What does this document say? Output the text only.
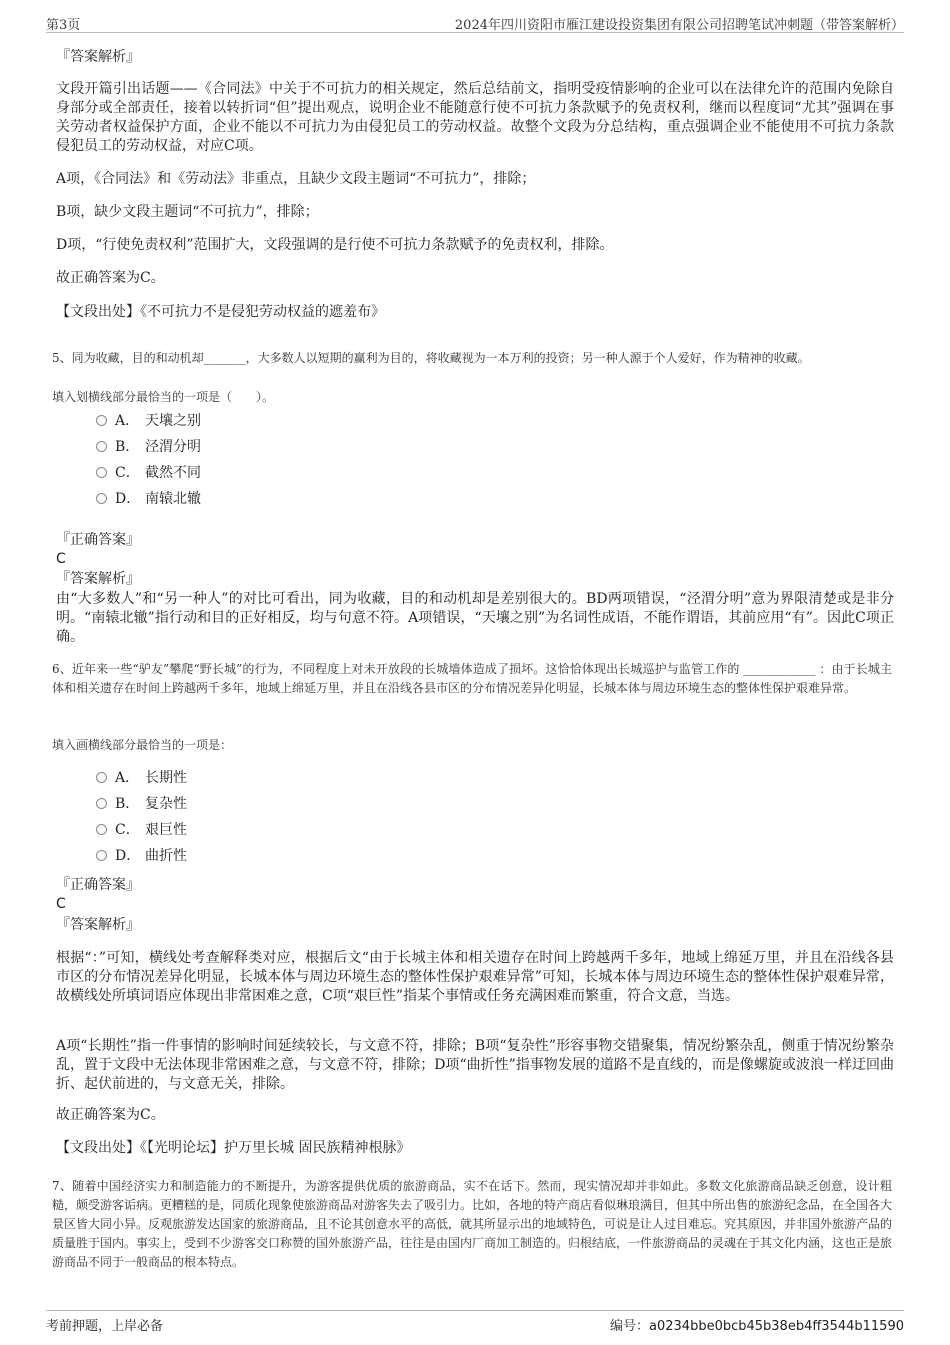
第3页	2024年四川资阳市雁江建设投资集团有限公司招聘笔试冲刺题（带答案解析）
『答案解析』
文段开篇引出话题——《合同法》中关于不可抗力的相关规定，然后总结前文，指明受疫情影响的企业可以在法律允许的范围内免除自身部分或全部责任，接着以转折词“但”提出观点，说明企业不能随意行使不可抗力条款赋予的免责权利，继而以程度词“尤其”强调在事关劳动者权益保护方面，企业不能以不可抗力为由侵犯员工的劳动权益。故整个文段为分总结构，重点强调企业不能使用不可抗力条款侵犯员工的劳动权益，对应C项。
A项，《合同法》和《劳动法》非重点，且缺少文段主题词“不可抗力”，排除；
B项，缺少文段主题词“不可抗力”，排除；
D项，“行使免责权利”范围扩大，文段强调的是行使不可抗力条款赋予的免责权利，排除。
故正确答案为C。
【文段出处】《不可抗力不是侵犯劳动权益的遮羞布》
5、同为收藏，目的和动机却_______，大多数人以短期的赢利为目的，将收藏视为一本万利的投资；另一种人源于个人爱好，作为精神的收藏。
填入划横线部分最恰当的一项是（　　）。
A． 天壤之别
B． 泾渭分明
C． 截然不同
D． 南辕北辙
『正确答案』
C
『答案解析』
由“大多数人”和“另一种人”的对比可看出，同为收藏，目的和动机却是差别很大的。BD两项错误，“泾渭分明”意为界限清楚或是非分明。“南辕北辙”指行动和目的正好相反，均与句意不符。A项错误，“天壤之别”为名词性成语，不能作谓语，其前应用“有”。因此C项正确。
6、近年来一些“驴友”攀爬“野长城”的行为，不同程度上对未开放段的长城墙体造成了损坏。这恰恰体现出长城巡护与监管工作的 ____________ ：由于长城主体和相关遗存在时间上跨越两千多年，地域上绵延万里，并且在沿线各县市区的分布情况差异化明显，长城本体与周边环境生态的整体性保护艰难异常。
填入画横线部分最恰当的一项是：
A． 长期性
B． 复杂性
C． 艰巨性
D． 曲折性
『正确答案』
C
『答案解析』
根据“：”可知，横线处考查解释类对应，根据后文“由于长城主体和相关遗存在时间上跨越两千多年，地域上绵延万里，并且在沿线各县市区的分布情况差异化明显，长城本体与周边环境生态的整体性保护艰难异常”可知，长城本体与周边环境生态的整体性保护艰难异常，故横线处所填词语应体现出非常困难之意，C项“艰巨性”指某个事情或任务充满困难而繁重，符合文意，当选。
A项“长期性”指一件事情的影响时间延续较长，与文意不符，排除；B项“复杂性”形容事物交错聚集，情况纷繁杂乱，侧重于情况纷繁杂乱，置于文段中无法体现非常困难之意，与文意不符，排除；D项“曲折性”指事物发展的道路不是直线的，而是像螺旋或波浪一样迂回曲折、起伏前进的，与文意无关，排除。
故正确答案为C。
【文段出处】《【光明论坛】护万里长城 固民族精神根脉》
7、随着中国经济实力和制造能力的不断提升，为游客提供优质的旅游商品，实不在话下。然而，现实情况却并非如此。多数文化旅游商品缺乏创意，设计粗糙，颇受游客诟病。更糟糕的是，同质化现象使旅游商品对游客失去了吸引力。比如，各地的特产商店看似琳琅满目，但其中所出售的旅游纪念品，在全国各大景区皆大同小异。反观旅游发达国家的旅游商品，且不论其创意水平的高低，就其所显示出的地域特色，可说是让人过目难忘。究其原因，并非国外旅游产品的质量胜于国内。事实上，受到不少游客交口称赞的国外旅游产品，往往是由国内厂商加工制造的。归根结底，一件旅游商品的灵魂在于其文化内涵，这也正是旅游商品不同于一般商品的根本特点。
考前押题，上岸必备	编号：a0234bbe0bcb45b38eb4ff3544b11590
